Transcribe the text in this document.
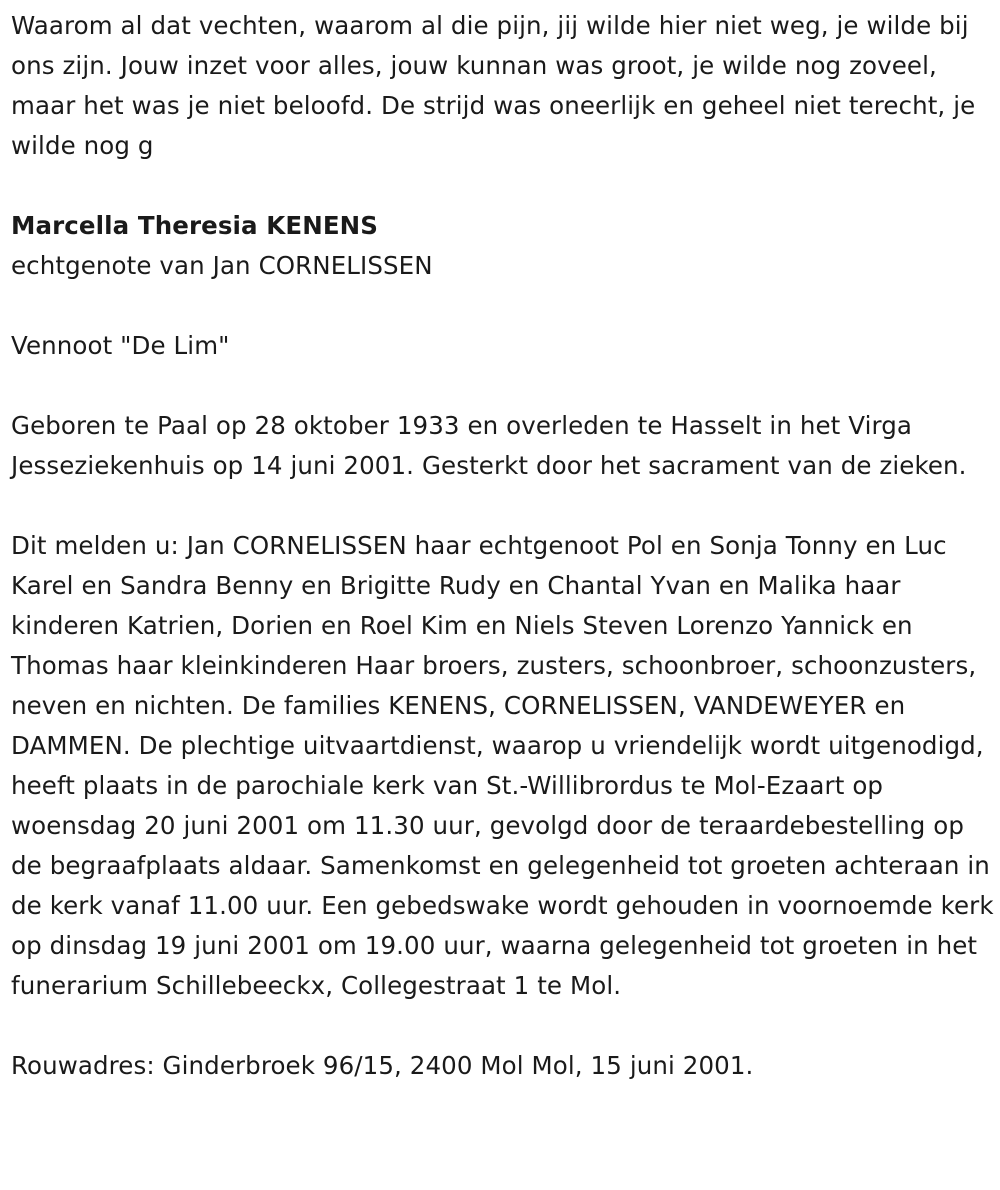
Waarom al dat vechten, waarom al die pijn, jij wilde hier niet weg, je wilde bij ons zijn. Jouw inzet voor alles, jouw kunnan was groot, je wilde nog zoveel, maar het was je niet beloofd. De strijd was oneerlijk en geheel niet terecht, je wilde nog g

Marcella Theresia KENENS

echtgenote van Jan CORNELISSEN

Vennoot "De Lim"

Geboren te Paal op 28 oktober 1933 en overleden te Hasselt in het Virga Jesseziekenhuis op 14 juni 2001. Gesterkt door het sacrament van de zieken.

Dit melden u: Jan CORNELISSEN haar echtgenoot Pol en Sonja Tonny en Luc Karel en Sandra Benny en Brigitte Rudy en Chantal Yvan en Malika haar kinderen Katrien, Dorien en Roel Kim en Niels Steven Lorenzo Yannick en Thomas haar kleinkinderen Haar broers, zusters, schoonbroer, schoonzusters, neven en nichten. De families KENENS, CORNELISSEN, VANDEWEYER en DAMMEN. De plechtige uitvaartdienst, waarop u vriendelijk wordt uitgenodigd, heeft plaats in de parochiale kerk van St.-Willibrordus te Mol-Ezaart op woensdag 20 juni 2001 om 11.30 uur, gevolgd door de teraardebestelling op de begraafplaats aldaar. Samenkomst en gelegenheid tot groeten achteraan in de kerk vanaf 11.00 uur. Een gebedswake wordt gehouden in voornoemde kerk op dinsdag 19 juni 2001 om 19.00 uur, waarna gelegenheid tot groeten in het funerarium Schillebeeckx, Collegestraat 1 te Mol.

Rouwadres: Ginderbroek 96/15, 2400 Mol Mol, 15 juni 2001.
